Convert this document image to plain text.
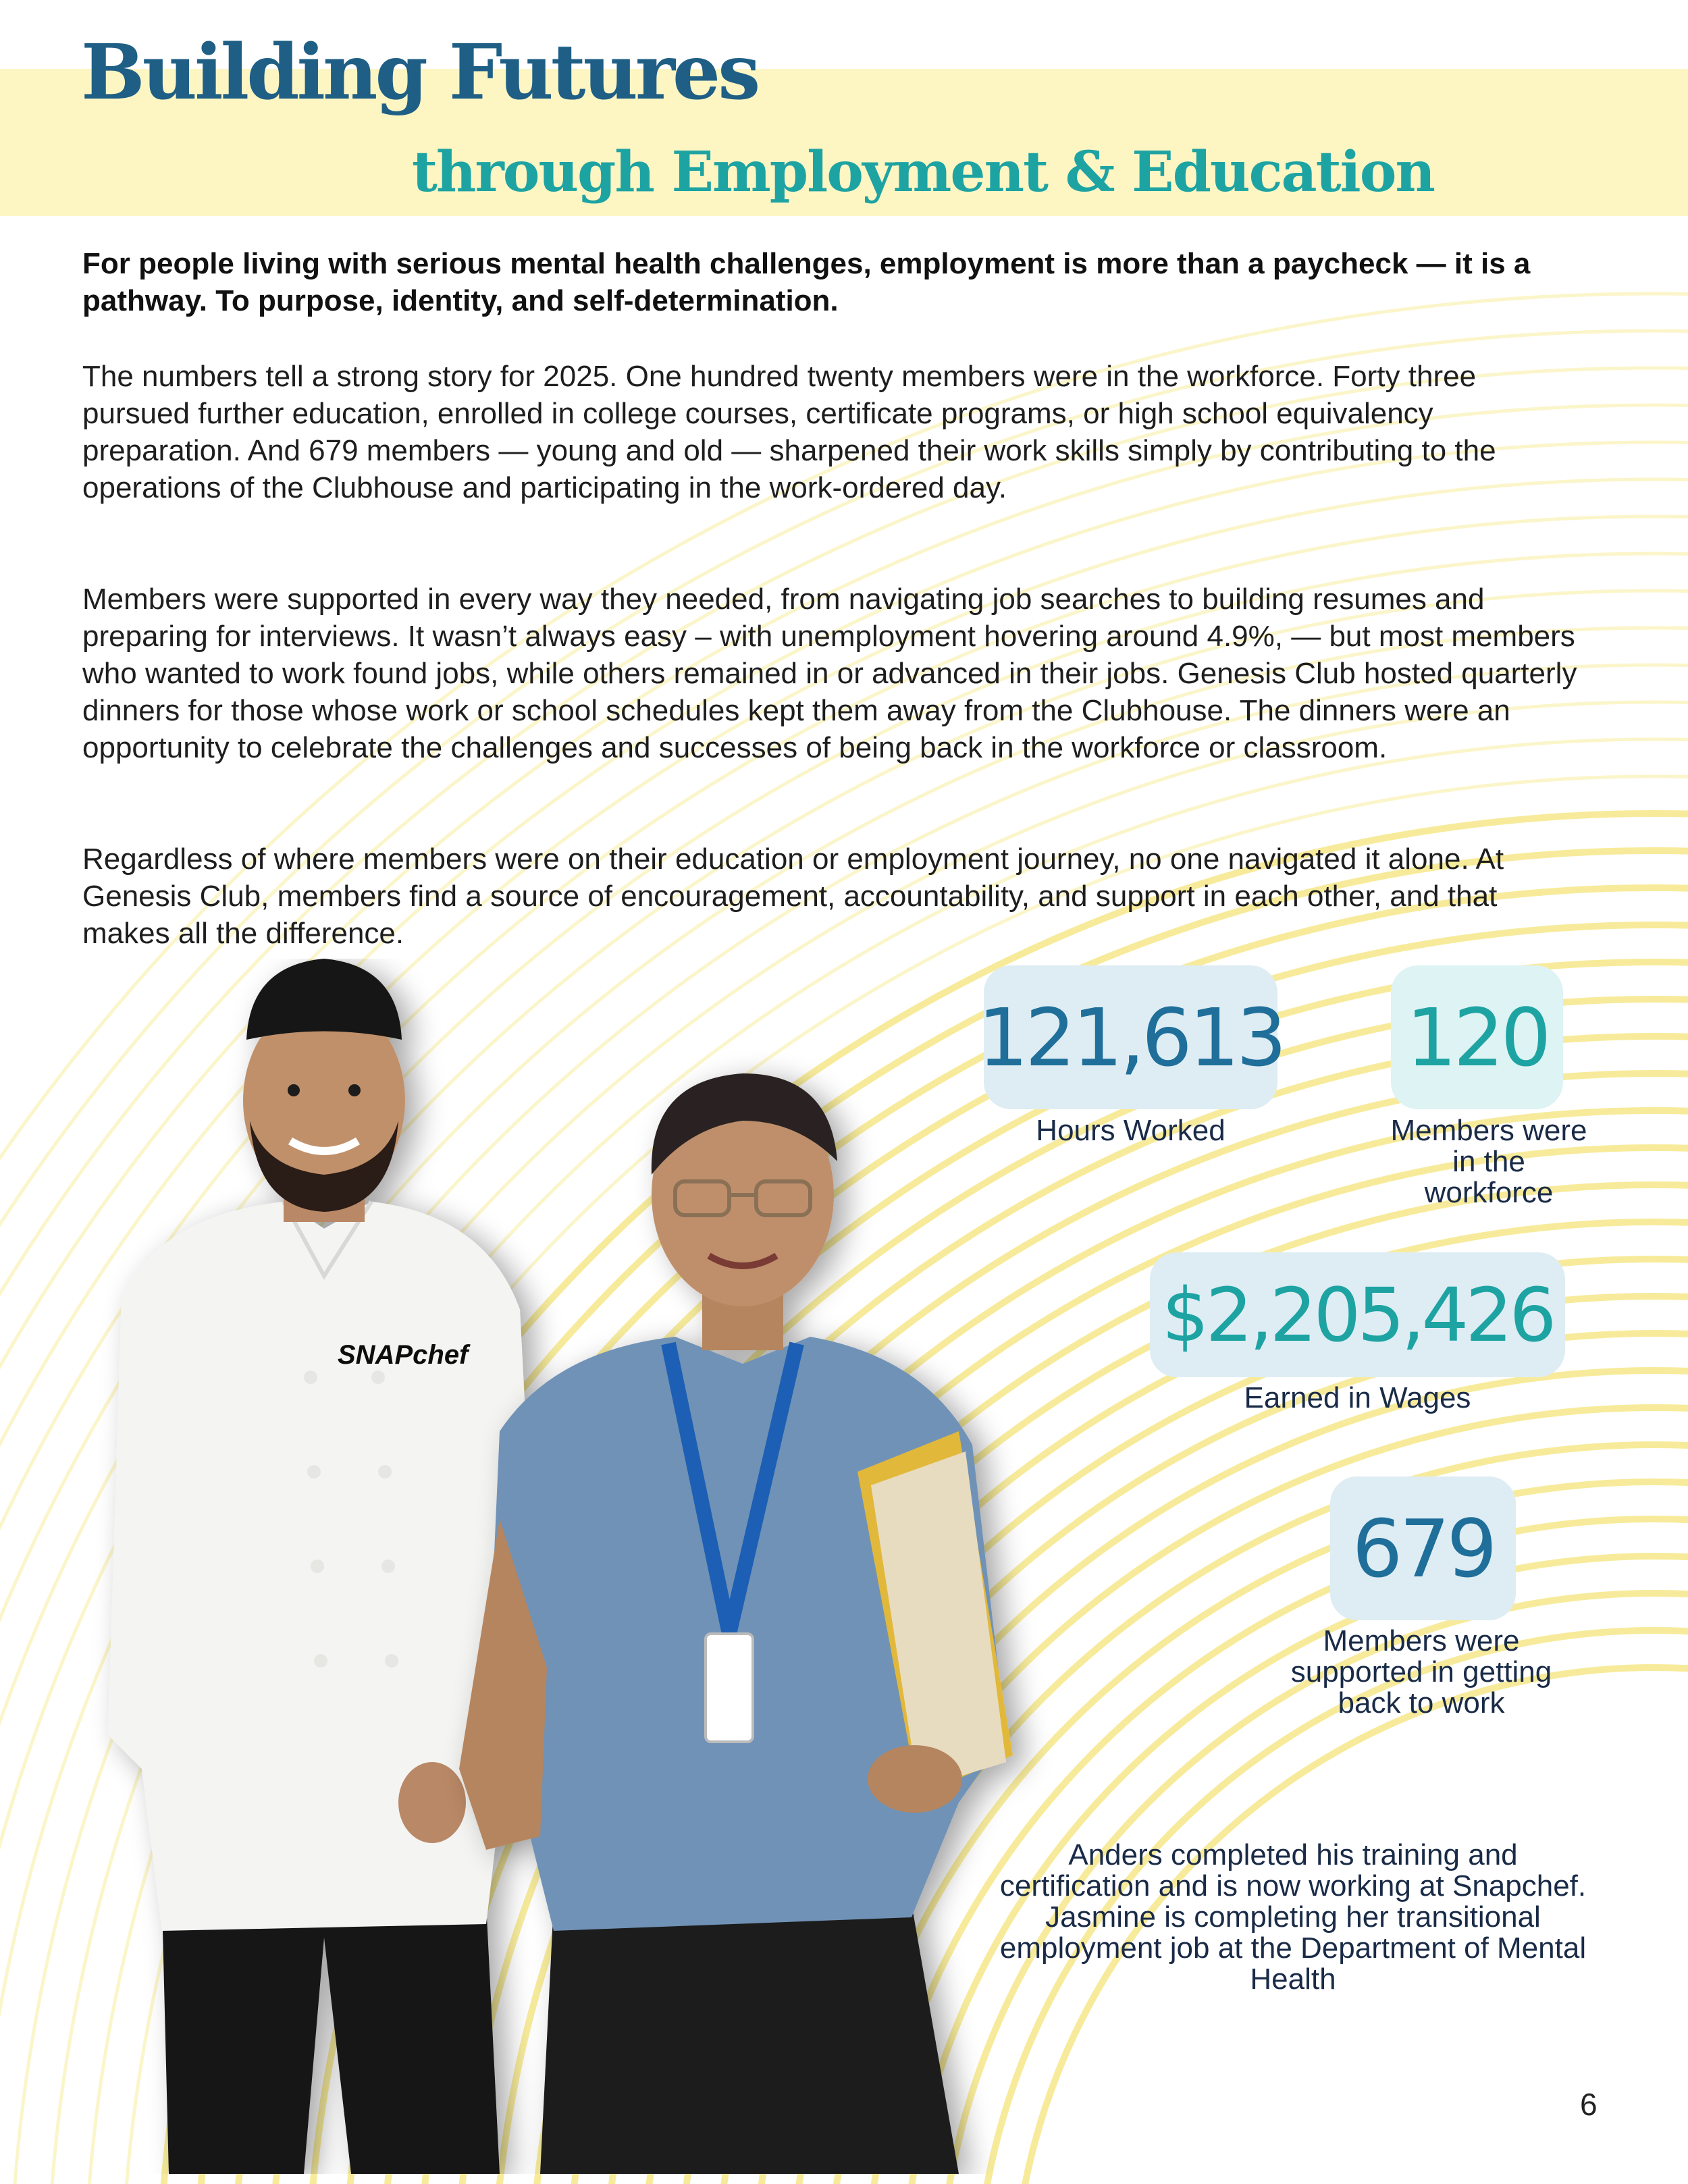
Building Futures
through Employment & Education

For people living with serious mental health challenges, employment is more than a paycheck — it is a pathway. To purpose, identity, and self-determination.

The numbers tell a strong story for 2025. One hundred twenty members were in the workforce. Forty three pursued further education, enrolled in college courses, certificate programs, or high school equivalency preparation. And 679 members — young and old — sharpened their work skills simply by contributing to the operations of the Clubhouse and participating in the work-ordered day.

Members were supported in every way they needed, from navigating job searches to building resumes and preparing for interviews. It wasn’t always easy – with unemployment hovering around 4.9%, — but most members who wanted to work found jobs, while others remained in or advanced in their jobs. Genesis Club hosted quarterly dinners for those whose work or school schedules kept them away from the Clubhouse. The dinners were an opportunity to celebrate the challenges and successes of being back in the workforce or classroom.

Regardless of where members were on their education or employment journey, no one navigated it alone. At Genesis Club, members find a source of encouragement, accountability, and support in each other, and that makes all the difference.

121,613
Hours Worked
120
Members were in the workforce
$2,205,426
Earned in Wages
679
Members were supported in getting back to work
SNAPchef
Anders completed his training and certification and is now working at Snapchef. Jasmine is completing her transitional employment job at the Department of Mental Health
6
